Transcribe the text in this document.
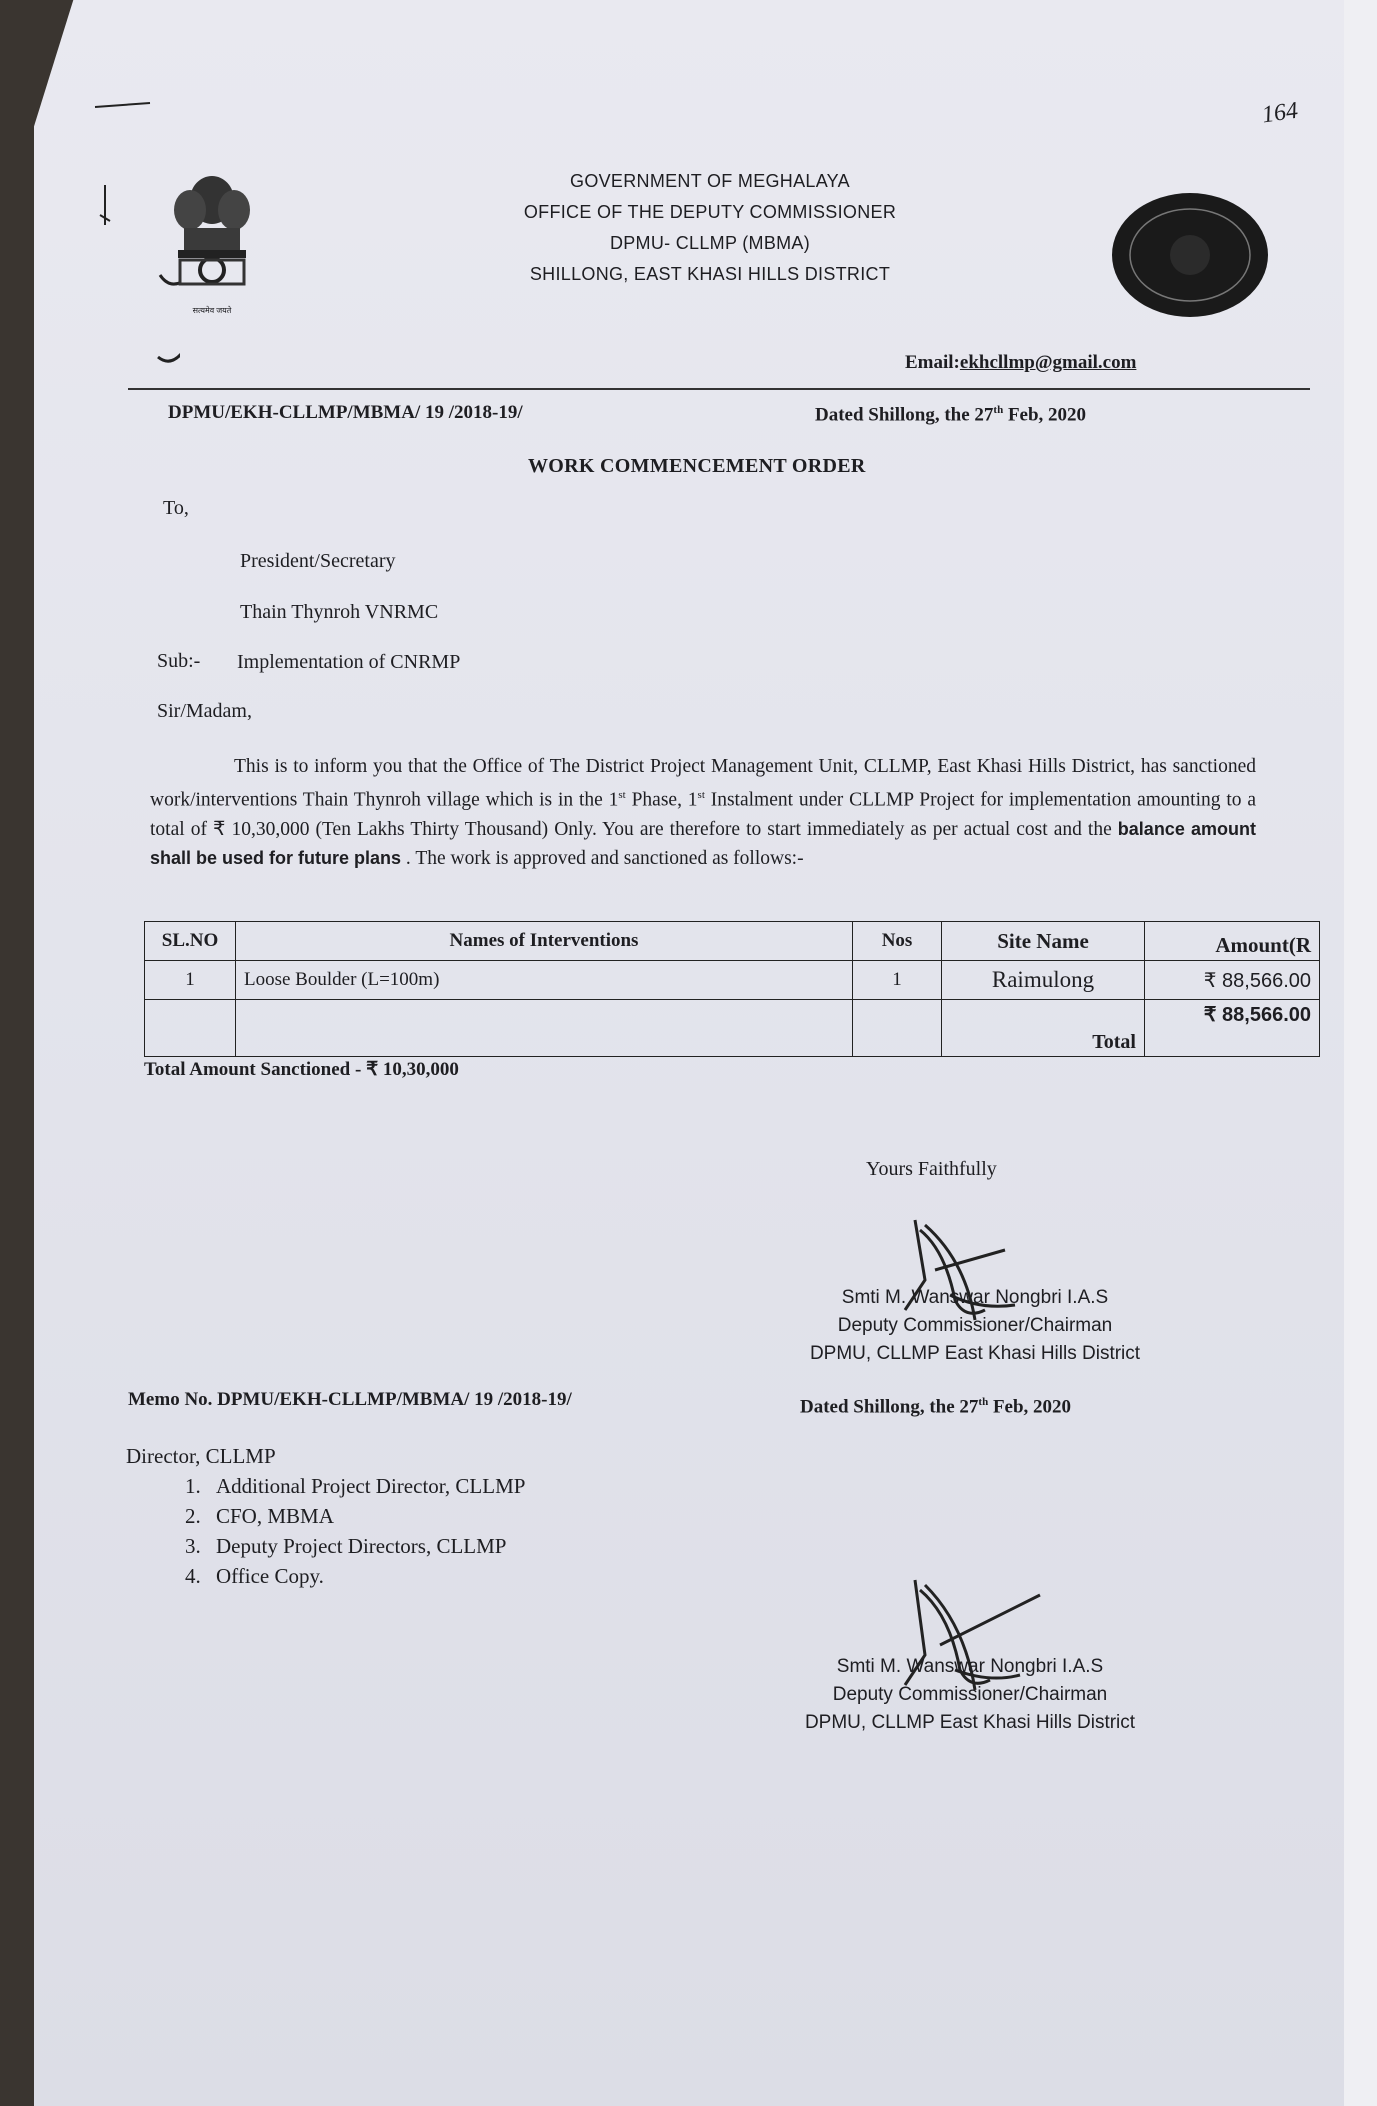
164
सत्यमेव जयते
GOVERNMENT OF MEGHALAYA
OFFICE OF THE DEPUTY COMMISSIONER
DPMU- CLLMP (MBMA)
SHILLONG, EAST KHASI HILLS DISTRICT
Email:ekhcllmp@gmail.com
DPMU/EKH-CLLMP/MBMA/ 19 /2018-19/	Dated Shillong, the 27th Feb, 2020
WORK COMMENCEMENT ORDER
To,
President/Secretary
Thain Thynroh VNRMC
Sub:- Implementation of CNRMP
Sir/Madam,
This is to inform you that the Office of The District Project Management Unit, CLLMP, East Khasi Hills District, has sanctioned work/interventions Thain Thynroh village which is in the 1st Phase, 1st Instalment under CLLMP Project for implementation amounting to a total of ₹ 10,30,000 (Ten Lakhs Thirty Thousand) Only. You are therefore to start immediately as per actual cost and the balance amount shall be used for future plans . The work is approved and sanctioned as follows:-
SL.NO	Names of Interventions	Nos	Site Name	Amount(R
1	Loose Boulder (L=100m)	1	Raimulong	₹ 88,566.00
			Total	₹ 88,566.00
Total Amount Sanctioned - ₹ 10,30,000
Yours Faithfully
Smti M. Wanswar Nongbri I.A.S
Deputy Commissioner/Chairman
DPMU, CLLMP East Khasi Hills District
Memo No. DPMU/EKH-CLLMP/MBMA/ 19 /2018-19/	Dated Shillong, the 27th Feb, 2020
Director, CLLMP
1. Additional Project Director, CLLMP
2. CFO, MBMA
3. Deputy Project Directors, CLLMP
4. Office Copy.
Smti M. Wanswar Nongbri I.A.S
Deputy Commissioner/Chairman
DPMU, CLLMP East Khasi Hills District
